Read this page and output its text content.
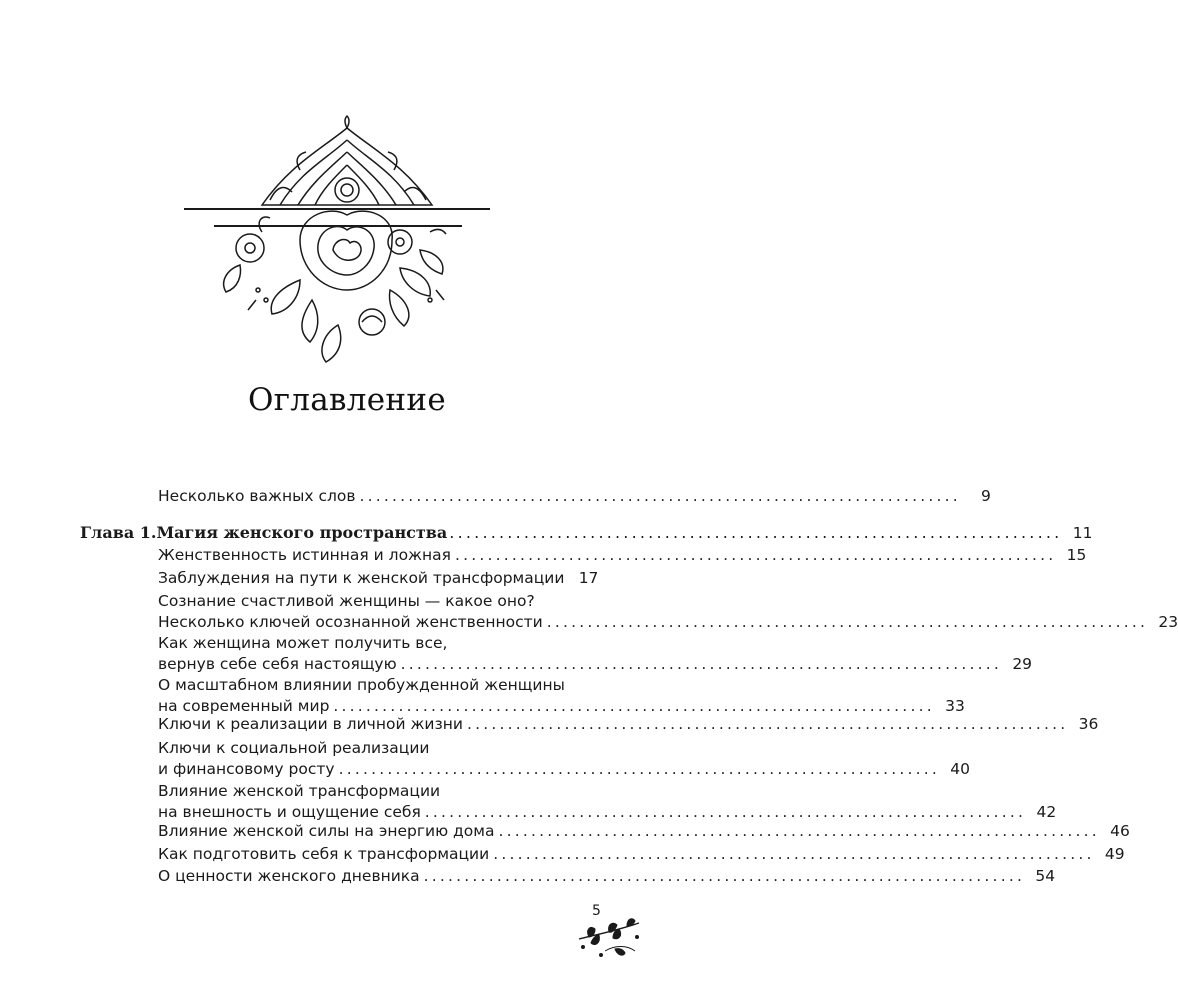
Оглавление
Несколько важных слов ..........................................................................	9
Глава 1. Магия женского пространства .......................................................................... 11
Женственность истинная и ложная .......................................................................... 15
Заблуждения на пути к женской трансформации 17
Сознание счастливой женщины — какое оно?
Несколько ключей осознанной женственности .......................................................................... 23
Как женщина может получить все,
вернув себе себя настоящую .......................................................................... 29
О масштабном влиянии пробужденной женщины
на современный мир .......................................................................... 33
Ключи к реализации в личной жизни .......................................................................... 36
Ключи к социальной реализации
и финансовому росту .......................................................................... 40
Влияние женской трансформации
на внешность и ощущение себя .......................................................................... 42
Влияние женской силы на энергию дома .......................................................................... 46
Как подготовить себя к трансформации .......................................................................... 49
О ценности женского дневника .......................................................................... 54
5
